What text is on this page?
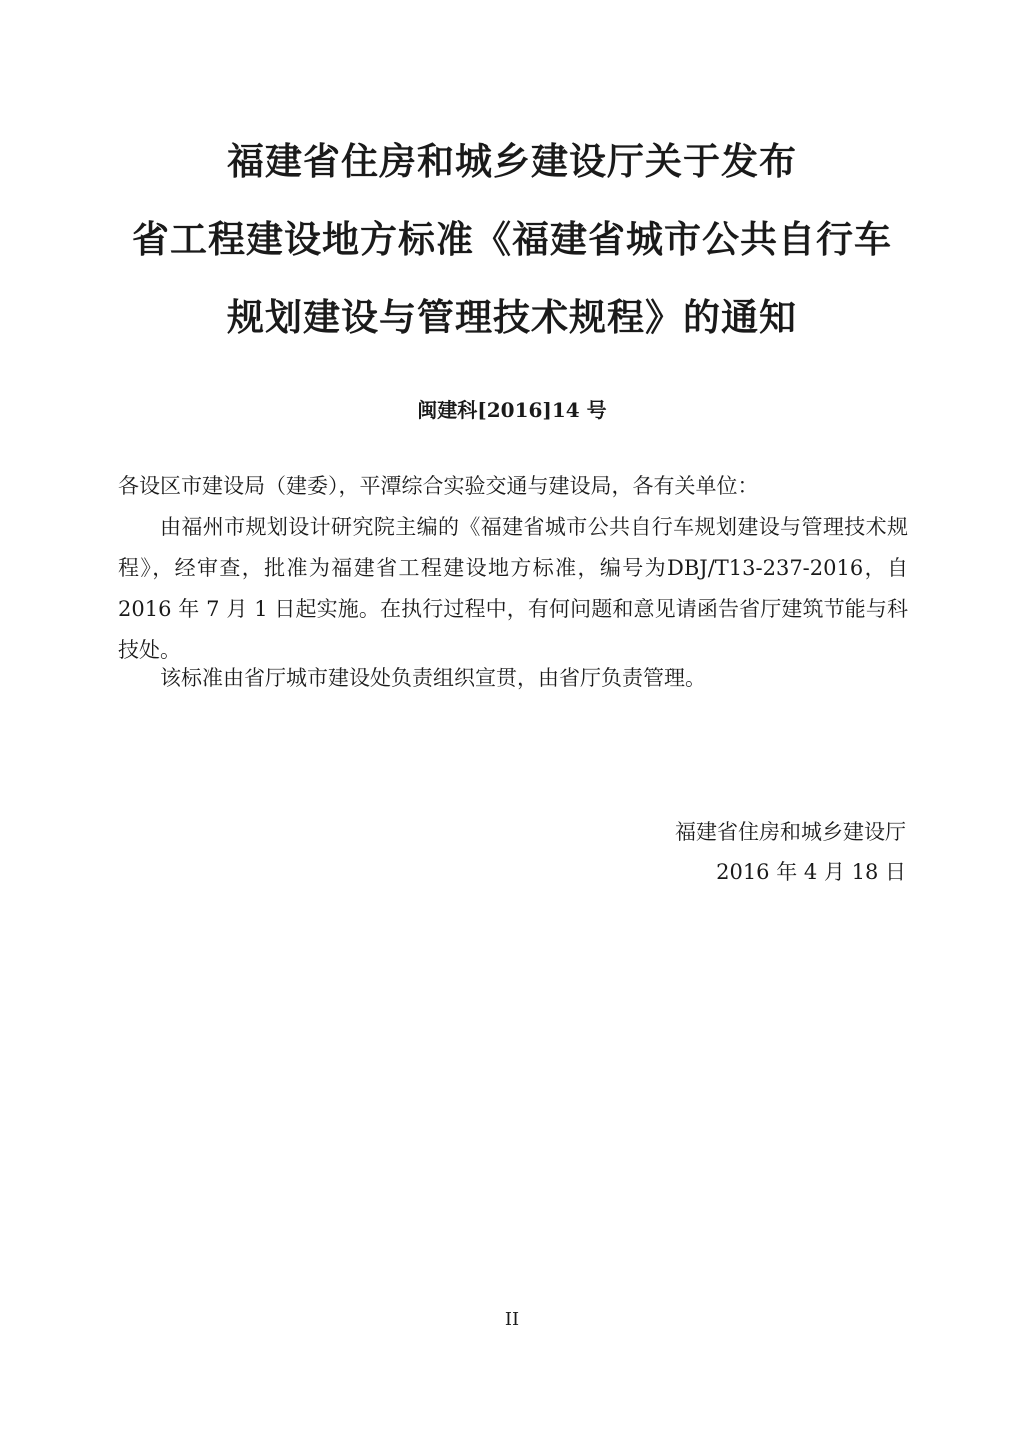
福建省住房和城乡建设厅关于发布
省工程建设地方标准《福建省城市公共自行车
规划建设与管理技术规程》的通知
闽建科[2016]14 号
各设区市建设局（建委），平潭综合实验交通与建设局，各有关单位：
由福州市规划设计研究院主编的《福建省城市公共自行车规划建设与管理技术规程》，经审查，批准为福建省工程建设地方标准，编号为DBJ/T13-237-2016，自 2016 年 7 月 1 日起实施。在执行过程中，有何问题和意见请函告省厅建筑节能与科技处。
该标准由省厅城市建设处负责组织宣贯，由省厅负责管理。
福建省住房和城乡建设厅
2016 年 4 月 18 日
II
